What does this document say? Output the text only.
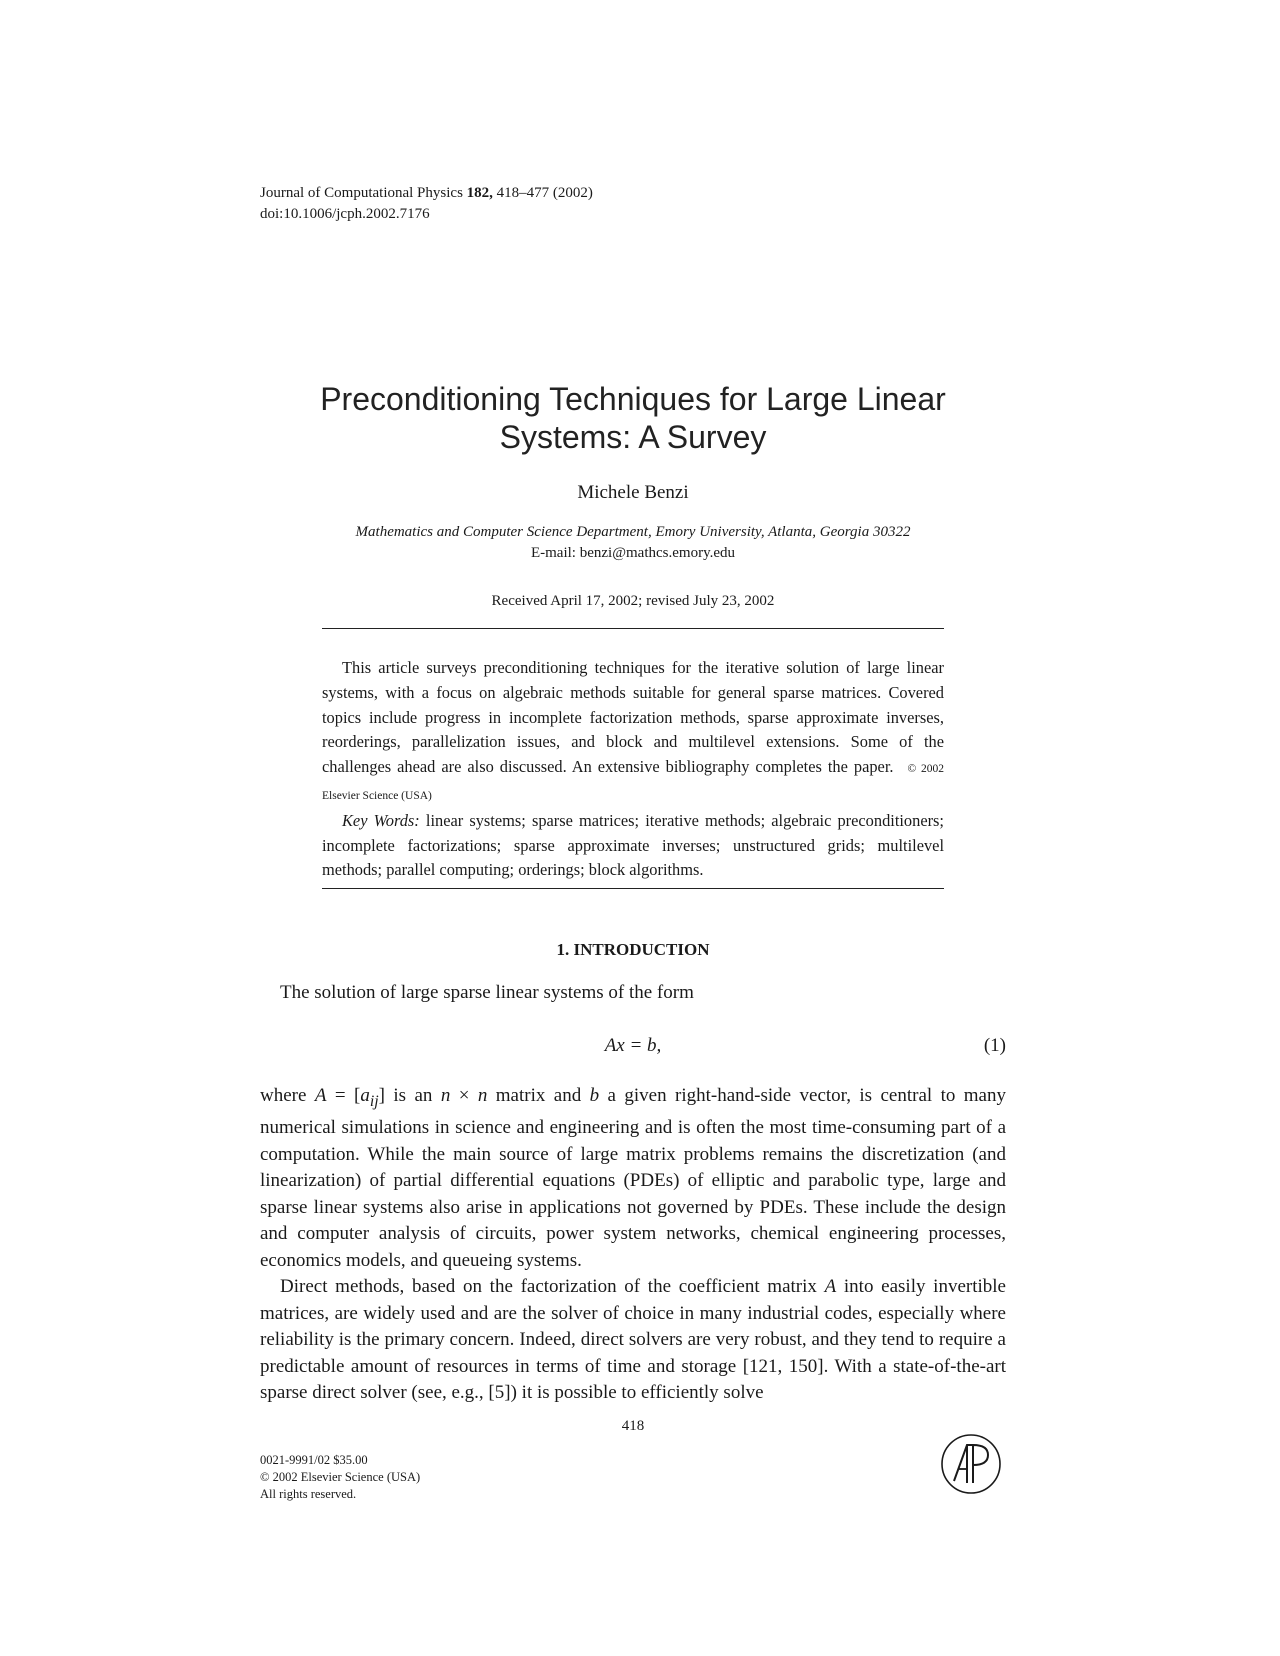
Journal of Computational Physics 182, 418–477 (2002)
doi:10.1006/jcph.2002.7176
Preconditioning Techniques for Large Linear
Systems: A Survey
Michele Benzi
Mathematics and Computer Science Department, Emory University, Atlanta, Georgia 30322
E-mail: benzi@mathcs.emory.edu
Received April 17, 2002; revised July 23, 2002

This article surveys preconditioning techniques for the iterative solution of large linear systems, with a focus on algebraic methods suitable for general sparse matrices. Covered topics include progress in incomplete factorization methods, sparse approximate inverses, reorderings, parallelization issues, and block and multilevel extensions. Some of the challenges ahead are also discussed. An extensive bibliography completes the paper. © 2002 Elsevier Science (USA)

Key Words: linear systems; sparse matrices; iterative methods; algebraic preconditioners; incomplete factorizations; sparse approximate inverses; unstructured grids; multilevel methods; parallel computing; orderings; block algorithms.

1. INTRODUCTION

The solution of large sparse linear systems of the form

Ax = b,	(1)

where $A = [a_{ij}]$ is an n × n matrix and b a given right-hand-side vector, is central to many numerical simulations in science and engineering and is often the most time-consuming part of a computation. While the main source of large matrix problems remains the discretization (and linearization) of partial differential equations (PDEs) of elliptic and parabolic type, large and sparse linear systems also arise in applications not governed by PDEs. These include the design and computer analysis of circuits, power system networks, chemical engineering processes, economics models, and queueing systems.

Direct methods, based on the factorization of the coefficient matrix A into easily invertible matrices, are widely used and are the solver of choice in many industrial codes, especially where reliability is the primary concern. Indeed, direct solvers are very robust, and they tend to require a predictable amount of resources in terms of time and storage [121, 150]. With a state-of-the-art sparse direct solver (see, e.g., [5]) it is possible to efficiently solve

418
0021-9991/02 $35.00
© 2002 Elsevier Science (USA)
All rights reserved.
